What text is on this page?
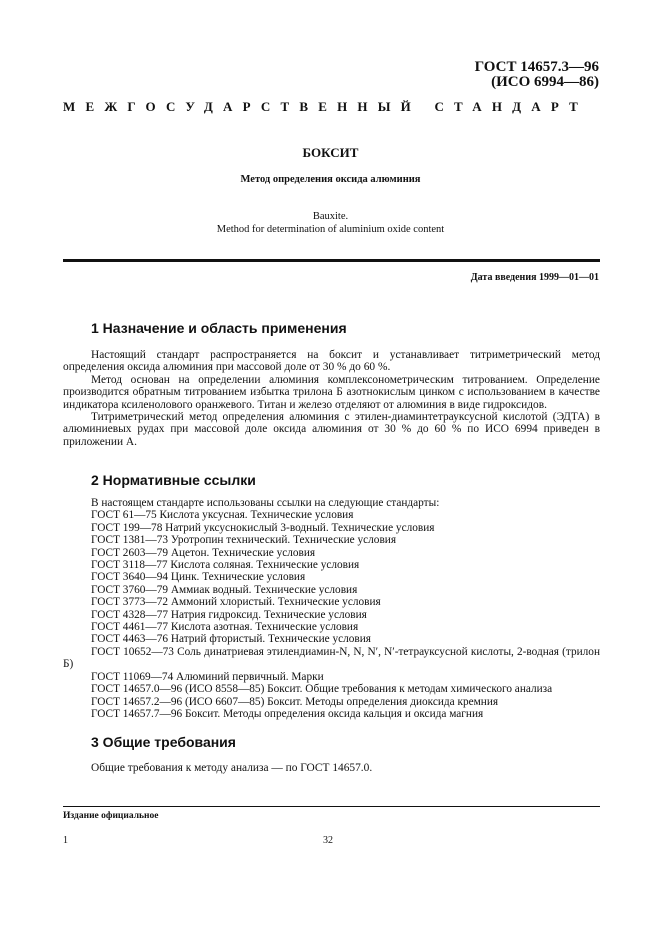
ГОСТ 14657.3—96
(ИСО 6994—86)
МЕЖГОСУДАРСТВЕННЫЙ СТАНДАРТ
БОКСИТ
Метод определения оксида алюминия
Bauxite.
Method for determination of aluminium oxide content
Дата введения 1999—01—01
1 Назначение и область применения

Настоящий стандарт распространяется на боксит и устанавливает титриметрический метод определения оксида алюминия при массовой доле от 30 % до 60 %.

Метод основан на определении алюминия комплексонометрическим титрованием. Определение производится обратным титрованием избытка трилона Б азотнокислым цинком с использованием в качестве индикатора ксиленолового оранжевого. Титан и железо отделяют от алюминия в виде гидроксидов.

Титриметрический метод определения алюминия с этилен-диаминтетрауксусной кислотой (ЭДТА) в алюминиевых рудах при массовой доле оксида алюминия от 30 % до 60 % по ИСО 6994 приведен в приложении А.

2 Нормативные ссылки
В настоящем стандарте использованы ссылки на следующие стандарты:
ГОСТ 61—75 Кислота уксусная. Технические условия
ГОСТ 199—78 Натрий уксуснокислый 3-водный. Технические условия
ГОСТ 1381—73 Уротропин технический. Технические условия
ГОСТ 2603—79 Ацетон. Технические условия
ГОСТ 3118—77 Кислота соляная. Технические условия
ГОСТ 3640—94 Цинк. Технические условия
ГОСТ 3760—79 Аммиак водный. Технические условия
ГОСТ 3773—72 Аммоний хлористый. Технические условия
ГОСТ 4328—77 Натрия гидроксид. Технические условия
ГОСТ 4461—77 Кислота азотная. Технические условия
ГОСТ 4463—76 Натрий фтористый. Технические условия
ГОСТ 10652—73 Соль динатриевая этилендиамин-N, N, N′, N′-тетрауксусной кислоты, 2-водная (трилон Б)
ГОСТ 11069—74 Алюминий первичный. Марки
ГОСТ 14657.0—96 (ИСО 8558—85) Боксит. Общие требования к методам химического анализа
ГОСТ 14657.2—96 (ИСО 6607—85) Боксит. Методы определения диоксида кремния
ГОСТ 14657.7—96 Боксит. Методы определения оксида кальция и оксида магния
3 Общие требования

Общие требования к методу анализа — по ГОСТ 14657.0.

Издание официальное
1	32
